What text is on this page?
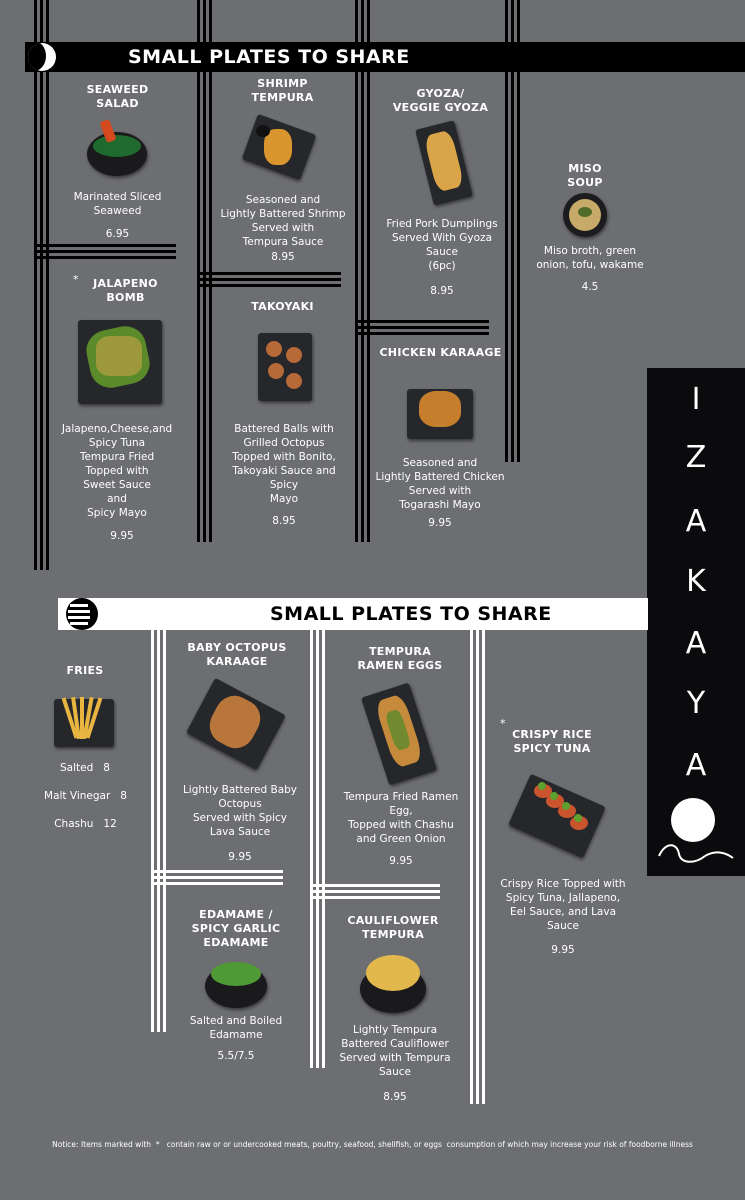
SMALL PLATES TO SHARE
SEAWEED
SALAD
Marinated Sliced
Seaweed
6.95
SHRIMP
TEMPURA
Seasoned and
Lightly Battered Shrimp
Served with
Tempura Sauce
8.95
GYOZA/
VEGGIE GYOZA
Fried Pork Dumplings
Served With Gyoza
Sauce
(6pc)
8.95
MISO
SOUP
Miso broth, green
onion, tofu, wakame
4.5
*	JALAPENO
BOMB
Jalapeno,Cheese,and
Spicy Tuna
Tempura Fried
Topped with
Sweet Sauce
and
Spicy Mayo
9.95
TAKOYAKI
Battered Balls with
Grilled Octopus
Topped with Bonito,
Takoyaki Sauce and
Spicy
Mayo
8.95
CHICKEN KARAAGE
Seasoned and
Lightly Battered Chicken
Served with
Togarashi Mayo
9.95
I
Z
A
K
A
Y
A
SMALL PLATES TO SHARE
FRIES
Salted   8
Malt Vinegar   8
Chashu   12
BABY OCTOPUS
KARAAGE
Lightly Battered Baby
Octopus
Served with Spicy
Lava Sauce
9.95
TEMPURA
RAMEN EGGS
Tempura Fried Ramen
Egg,
Topped with Chashu
and Green Onion
9.95
*
CRISPY RICE
SPICY TUNA
Crispy Rice Topped with
Spicy Tuna, Jallapeno,
Eel Sauce, and Lava
Sauce
9.95
EDAMAME /
SPICY GARLIC
EDAMAME
Salted and Boiled
Edamame
5.5/7.5
CAULIFLOWER
TEMPURA
Lightly Tempura
Battered Cauliflower
Served with Tempura
Sauce
8.95
Notice: Items marked with  *   contain raw or or undercooked meats, poultry, seafood, shellfish, or eggs  consumption of which may increase your risk of foodborne illness
